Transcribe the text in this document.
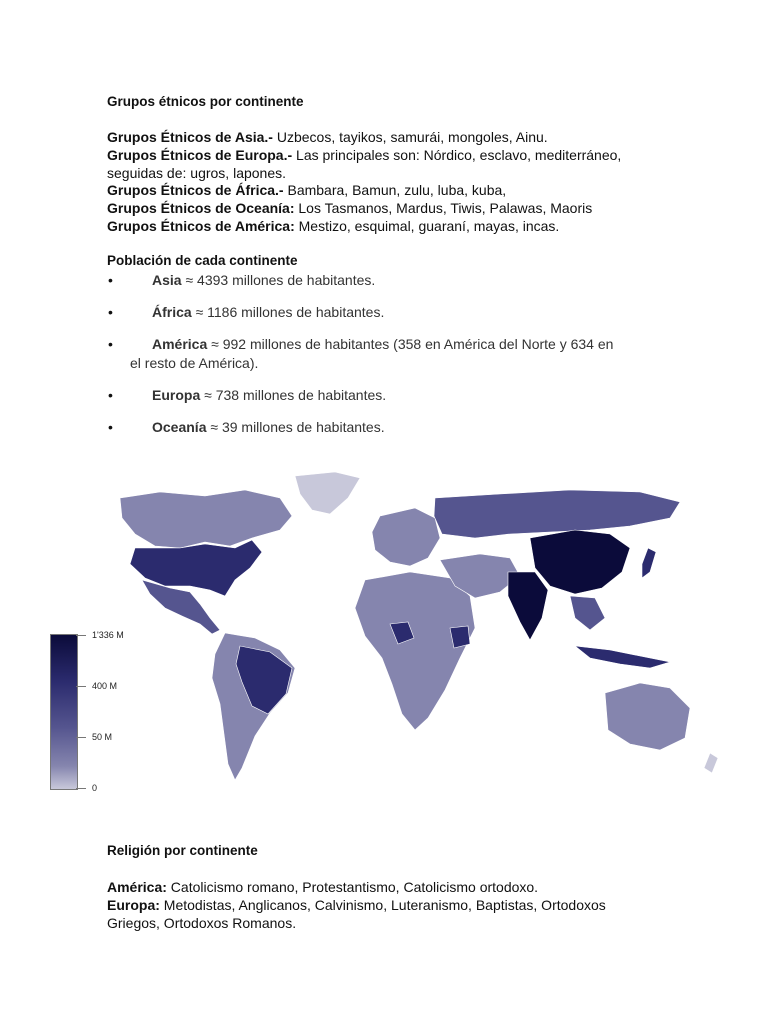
Grupos étnicos por continente
Grupos Étnicos de Asia.- Uzbecos, tayikos, samurái, mongoles, Ainu.
Grupos Étnicos de Europa.- Las principales son: Nórdico, esclavo, mediterráneo,
seguidas de: ugros, lapones.
Grupos Étnicos de África.- Bambara, Bamun, zulu, luba, kuba,
Grupos Étnicos de Oceanía: Los Tasmanos, Mardus, Tiwis, Palawas, Maoris
Grupos Étnicos de América: Mestizo, esquimal, guaraní, mayas, incas.
Población de cada continente
•	Asia ≈ 4393 millones de habitantes.
•	África ≈ 1186 millones de habitantes.
•	América ≈ 992 millones de habitantes (358 en América del Norte y 634 en
el resto de América).
•	Europa ≈ 738 millones de habitantes.
•	Oceanía ≈ 39 millones de habitantes.
1'336 M
400 M
50 M
0
Religión por continente
América: Catolicismo romano, Protestantismo, Catolicismo ortodoxo.
Europa: Metodistas, Anglicanos, Calvinismo, Luteranismo, Baptistas, Ortodoxos
Griegos, Ortodoxos Romanos.
